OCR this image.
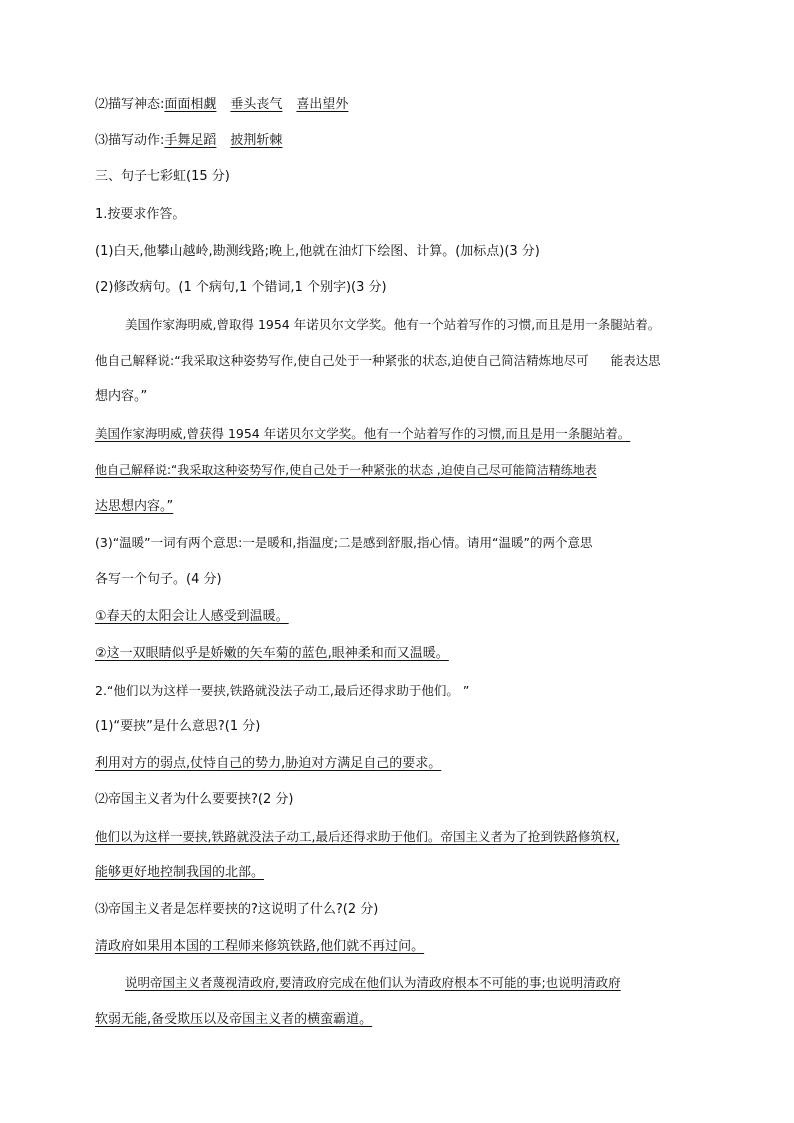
⑵描写神态:面面相觑 垂头丧气 喜出望外
⑶描写动作:手舞足蹈 披荆斩棘
三、句子七彩虹(15 分)
1.按要求作答。
(1)白天,他攀山越岭,勘测线路;晚上,他就在油灯下绘图、计算。(加标点)(3 分)
(2)修改病句。(1 个病句,1 个错词,1 个别字)(3 分)
美国作家海明威,曾取得 1954 年诺贝尔文学奖。他有一个站着写作的习惯,而且是用一条腿站着。
他自己解释说:“我采取这种姿势写作,使自己处于一种紧张的状态,迫使自己简洁精炼地尽可 能表达思
想内容。”
美国作家海明威,曾获得 1954 年诺贝尔文学奖。他有一个站着写作的习惯,而且是用一条腿站着。
他自己解释说:“我采取这种姿势写作,使自己处于一种紧张的状态 ,迫使自己尽可能简洁精练地表
达思想内容。”
(3)“温暖”一词有两个意思:一是暖和,指温度;二是感到舒服,指心情。请用“温暖”的两个意思
各写一个句子。(4 分)
①春天的太阳会让人感受到温暖。
②这一双眼睛似乎是娇嫩的矢车菊的蓝色,眼神柔和而又温暖。
2.“他们以为这样一要挟,铁路就没法子动工,最后还得求助于他们。 ”
(1)“要挟”是什么意思?(1 分)
利用对方的弱点,仗恃自己的势力,胁迫对方满足自己的要求。
⑵帝国主义者为什么要要挟?(2 分)
他们以为这样一要挟,铁路就没法子动工,最后还得求助于他们。帝国主义者为了抢到铁路修筑权,
能够更好地控制我国的北部。
⑶帝国主义者是怎样要挟的?这说明了什么?(2 分)
清政府如果用本国的工程师来修筑铁路,他们就不再过问。
说明帝国主义者蔑视清政府,要清政府完成在他们认为清政府根本不可能的事;也说明清政府
软弱无能,备受欺压以及帝国主义者的横蛮霸道。
